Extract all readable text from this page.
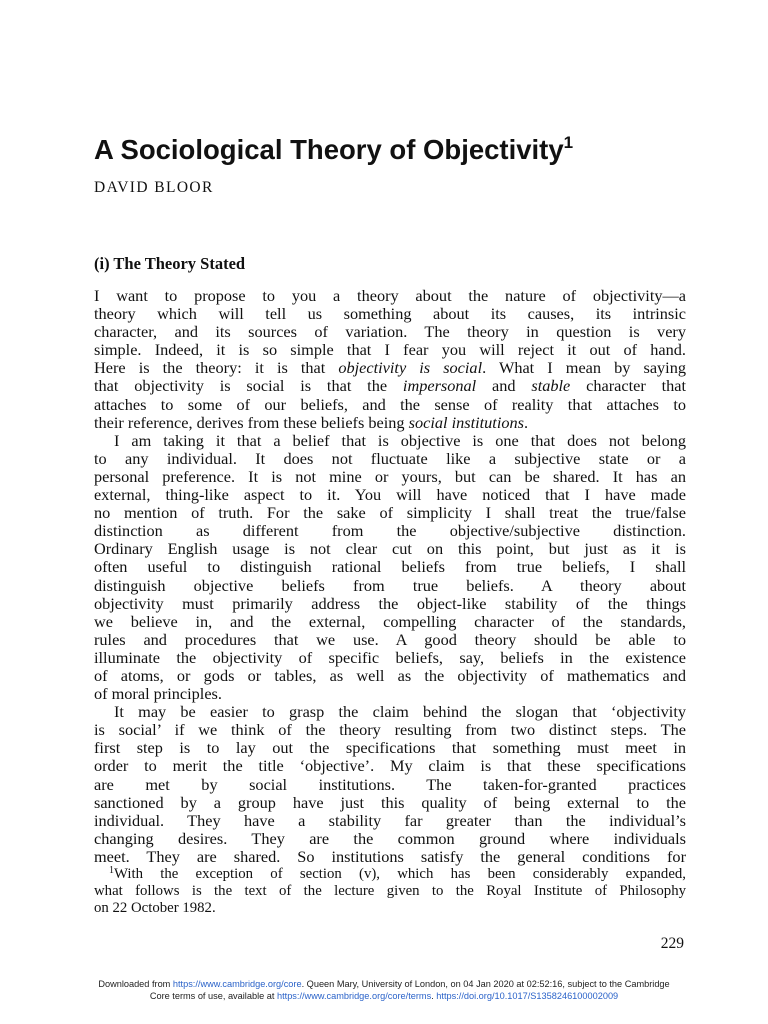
A Sociological Theory of Objectivity$^1$

DAVID BLOOR

(i) The Theory Stated
I want to propose to you a theory about the nature of objectivity—a
theory which will tell us something about its causes, its intrinsic
character, and its sources of variation. The theory in question is very
simple. Indeed, it is so simple that I fear you will reject it out of hand.
Here is the theory: it is that objectivity is social. What I mean by saying
that objectivity is social is that the impersonal and stable character that
attaches to some of our beliefs, and the sense of reality that attaches to
their reference, derives from these beliefs being social institutions.
I am taking it that a belief that is objective is one that does not belong
to any individual. It does not fluctuate like a subjective state or a
personal preference. It is not mine or yours, but can be shared. It has an
external, thing-like aspect to it. You will have noticed that I have made
no mention of truth. For the sake of simplicity I shall treat the true/false
distinction as different from the objective/subjective distinction.
Ordinary English usage is not clear cut on this point, but just as it is
often useful to distinguish rational beliefs from true beliefs, I shall
distinguish objective beliefs from true beliefs. A theory about
objectivity must primarily address the object-like stability of the things
we believe in, and the external, compelling character of the standards,
rules and procedures that we use. A good theory should be able to
illuminate the objectivity of specific beliefs, say, beliefs in the existence
of atoms, or gods or tables, as well as the objectivity of mathematics and
of moral principles.
It may be easier to grasp the claim behind the slogan that ‘objectivity
is social’ if we think of the theory resulting from two distinct steps. The
first step is to lay out the specifications that something must meet in
order to merit the title ‘objective’. My claim is that these specifications
are met by social institutions. The taken-for-granted practices
sanctioned by a group have just this quality of being external to the
individual. They have a stability far greater than the individual’s
changing desires. They are the common ground where individuals
meet. They are shared. So institutions satisfy the general conditions for
$^1$With the exception of section (v), which has been considerably expanded,
what follows is the text of the lecture given to the Royal Institute of Philosophy
on 22 October 1982.
229
Downloaded from https://www.cambridge.org/core. Queen Mary, University of London, on 04 Jan 2020 at 02:52:16, subject to the Cambridge
Core terms of use, available at https://www.cambridge.org/core/terms. https://doi.org/10.1017/S1358246100002009
